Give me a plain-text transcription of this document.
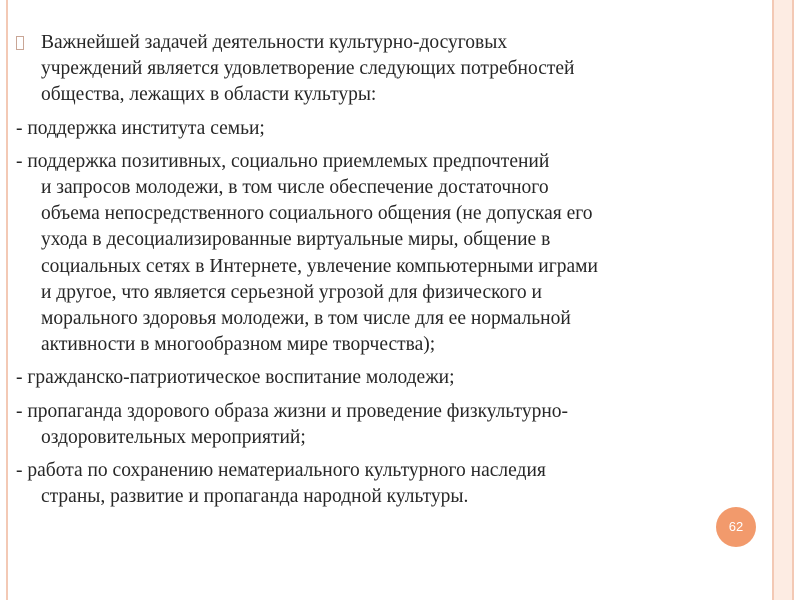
Важнейшей задачей деятельности культурно-досуговых
учреждений является удовлетворение следующих потребностей
общества, лежащих в области культуры:
- поддержка института семьи;
- поддержка позитивных, социально приемлемых предпочтений
и запросов молодежи, в том числе обеспечение достаточного
объема непосредственного социального общения (не допуская его
ухода в десоциализированные виртуальные миры, общение в
социальных сетях в Интернете, увлечение компьютерными играми
и другое, что является серьезной угрозой для физического и
морального здоровья молодежи, в том числе для ее нормальной
активности в многообразном мире творчества);
- гражданско-патриотическое воспитание молодежи;
- пропаганда здорового образа жизни и проведение физкультурно-
оздоровительных мероприятий;
- работа по сохранению нематериального культурного наследия
страны, развитие и пропаганда народной культуры.
62
